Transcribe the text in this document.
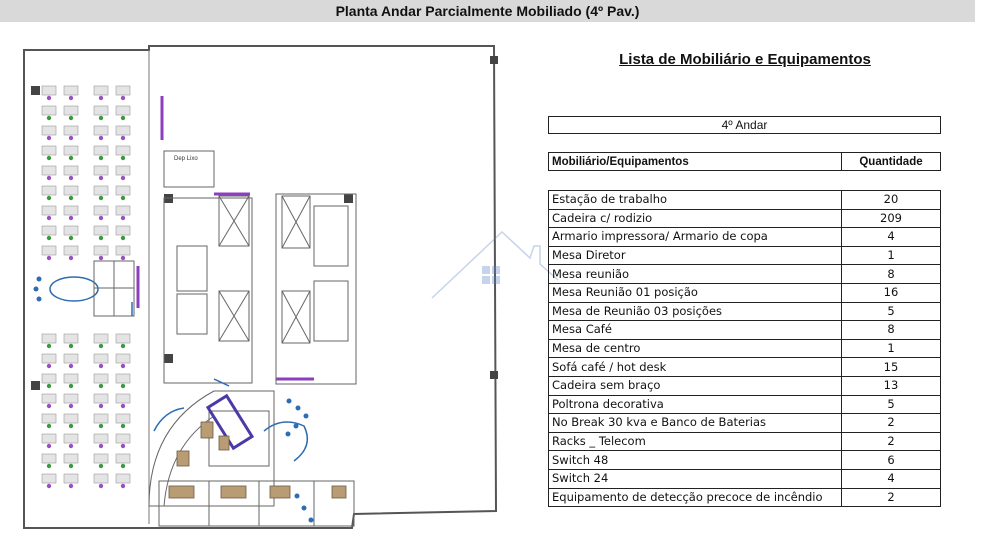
Planta Andar Parcialmente Mobiliado (4º Pav.)
Dep Lixo
Lista de Mobiliário e Equipamentos
4º Andar
Mobiliário/Equipamentos	Quantidade
Estação de trabalho	20
Cadeira c/ rodizio	209
Armario impressora/ Armario de copa	4
Mesa Diretor	1
Mesa reunião	8
Mesa Reunião 01 posição	16
Mesa de Reunião 03 posições	5
Mesa Café	8
Mesa de centro	1
Sofá café / hot desk	15
Cadeira sem braço	13
Poltrona decorativa	5
No Break 30 kva e Banco de Baterias	2
Racks _ Telecom	2
Switch 48	6
Switch 24	4
Equipamento de detecção precoce de incêndio	2
